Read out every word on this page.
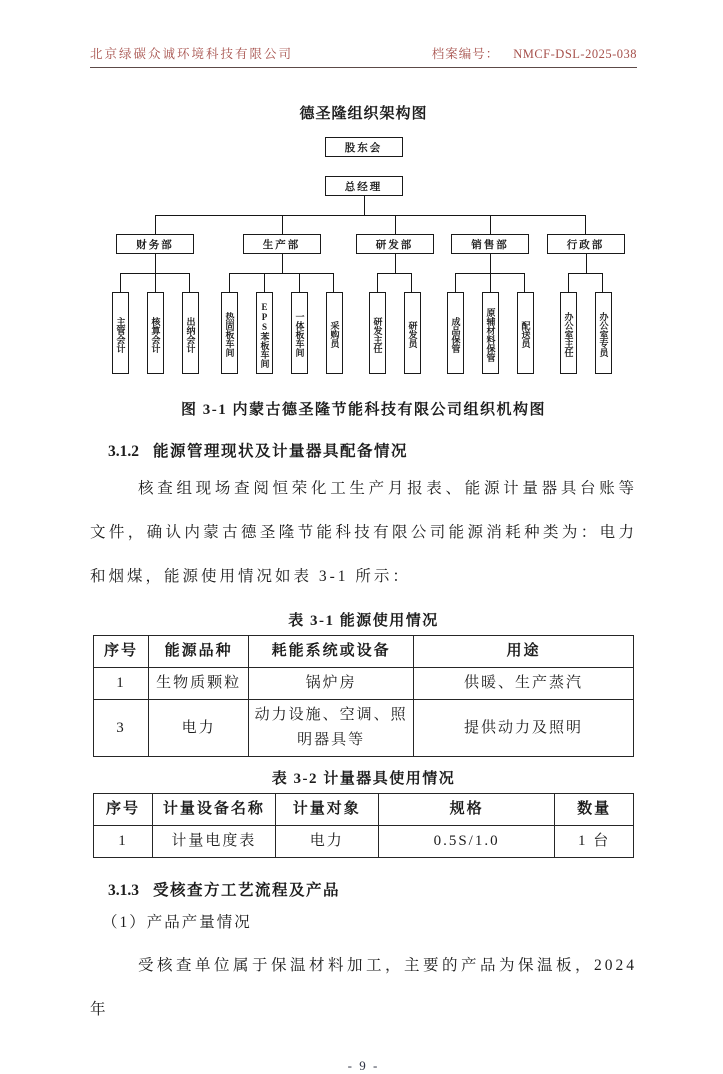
北京绿碳众诚环境科技有限公司	档案编号： NMCF-DSL-2025-038
德圣隆组织架构图
股东会
总经理
财务部
主管会计	核算会计	出纳会计
生产部
热固板车间	EPS苯板车间	一体板车间	采购员
研发部
研发主任	研发员
销售部
成品保管	原辅材料保管	配送员
行政部
办公室主任	办公室专员
图 3-1 内蒙古德圣隆节能科技有限公司组织机构图
3.1.2 能源管理现状及计量器具配备情况

核查组现场查阅恒荣化工生产月报表、能源计量器具台账等文件，确认内蒙古德圣隆节能科技有限公司能源消耗种类为：电力和烟煤，能源使用情况如表 3-1 所示：

表 3-1 能源使用情况
序号	能源品种	耗能系统或设备	用途
1	生物质颗粒	锅炉房	供暖、生产蒸汽
3	电力	动力设施、空调、照明器具等	提供动力及照明
表 3-2 计量器具使用情况
序号	计量设备名称	计量对象	规格	数量
1	计量电度表	电力	0.5S/1.0	1 台
3.1.3 受核查方工艺流程及产品
（1）产品产量情况

受核查单位属于保温材料加工，主要的产品为保温板，2024 年

- 9 -
